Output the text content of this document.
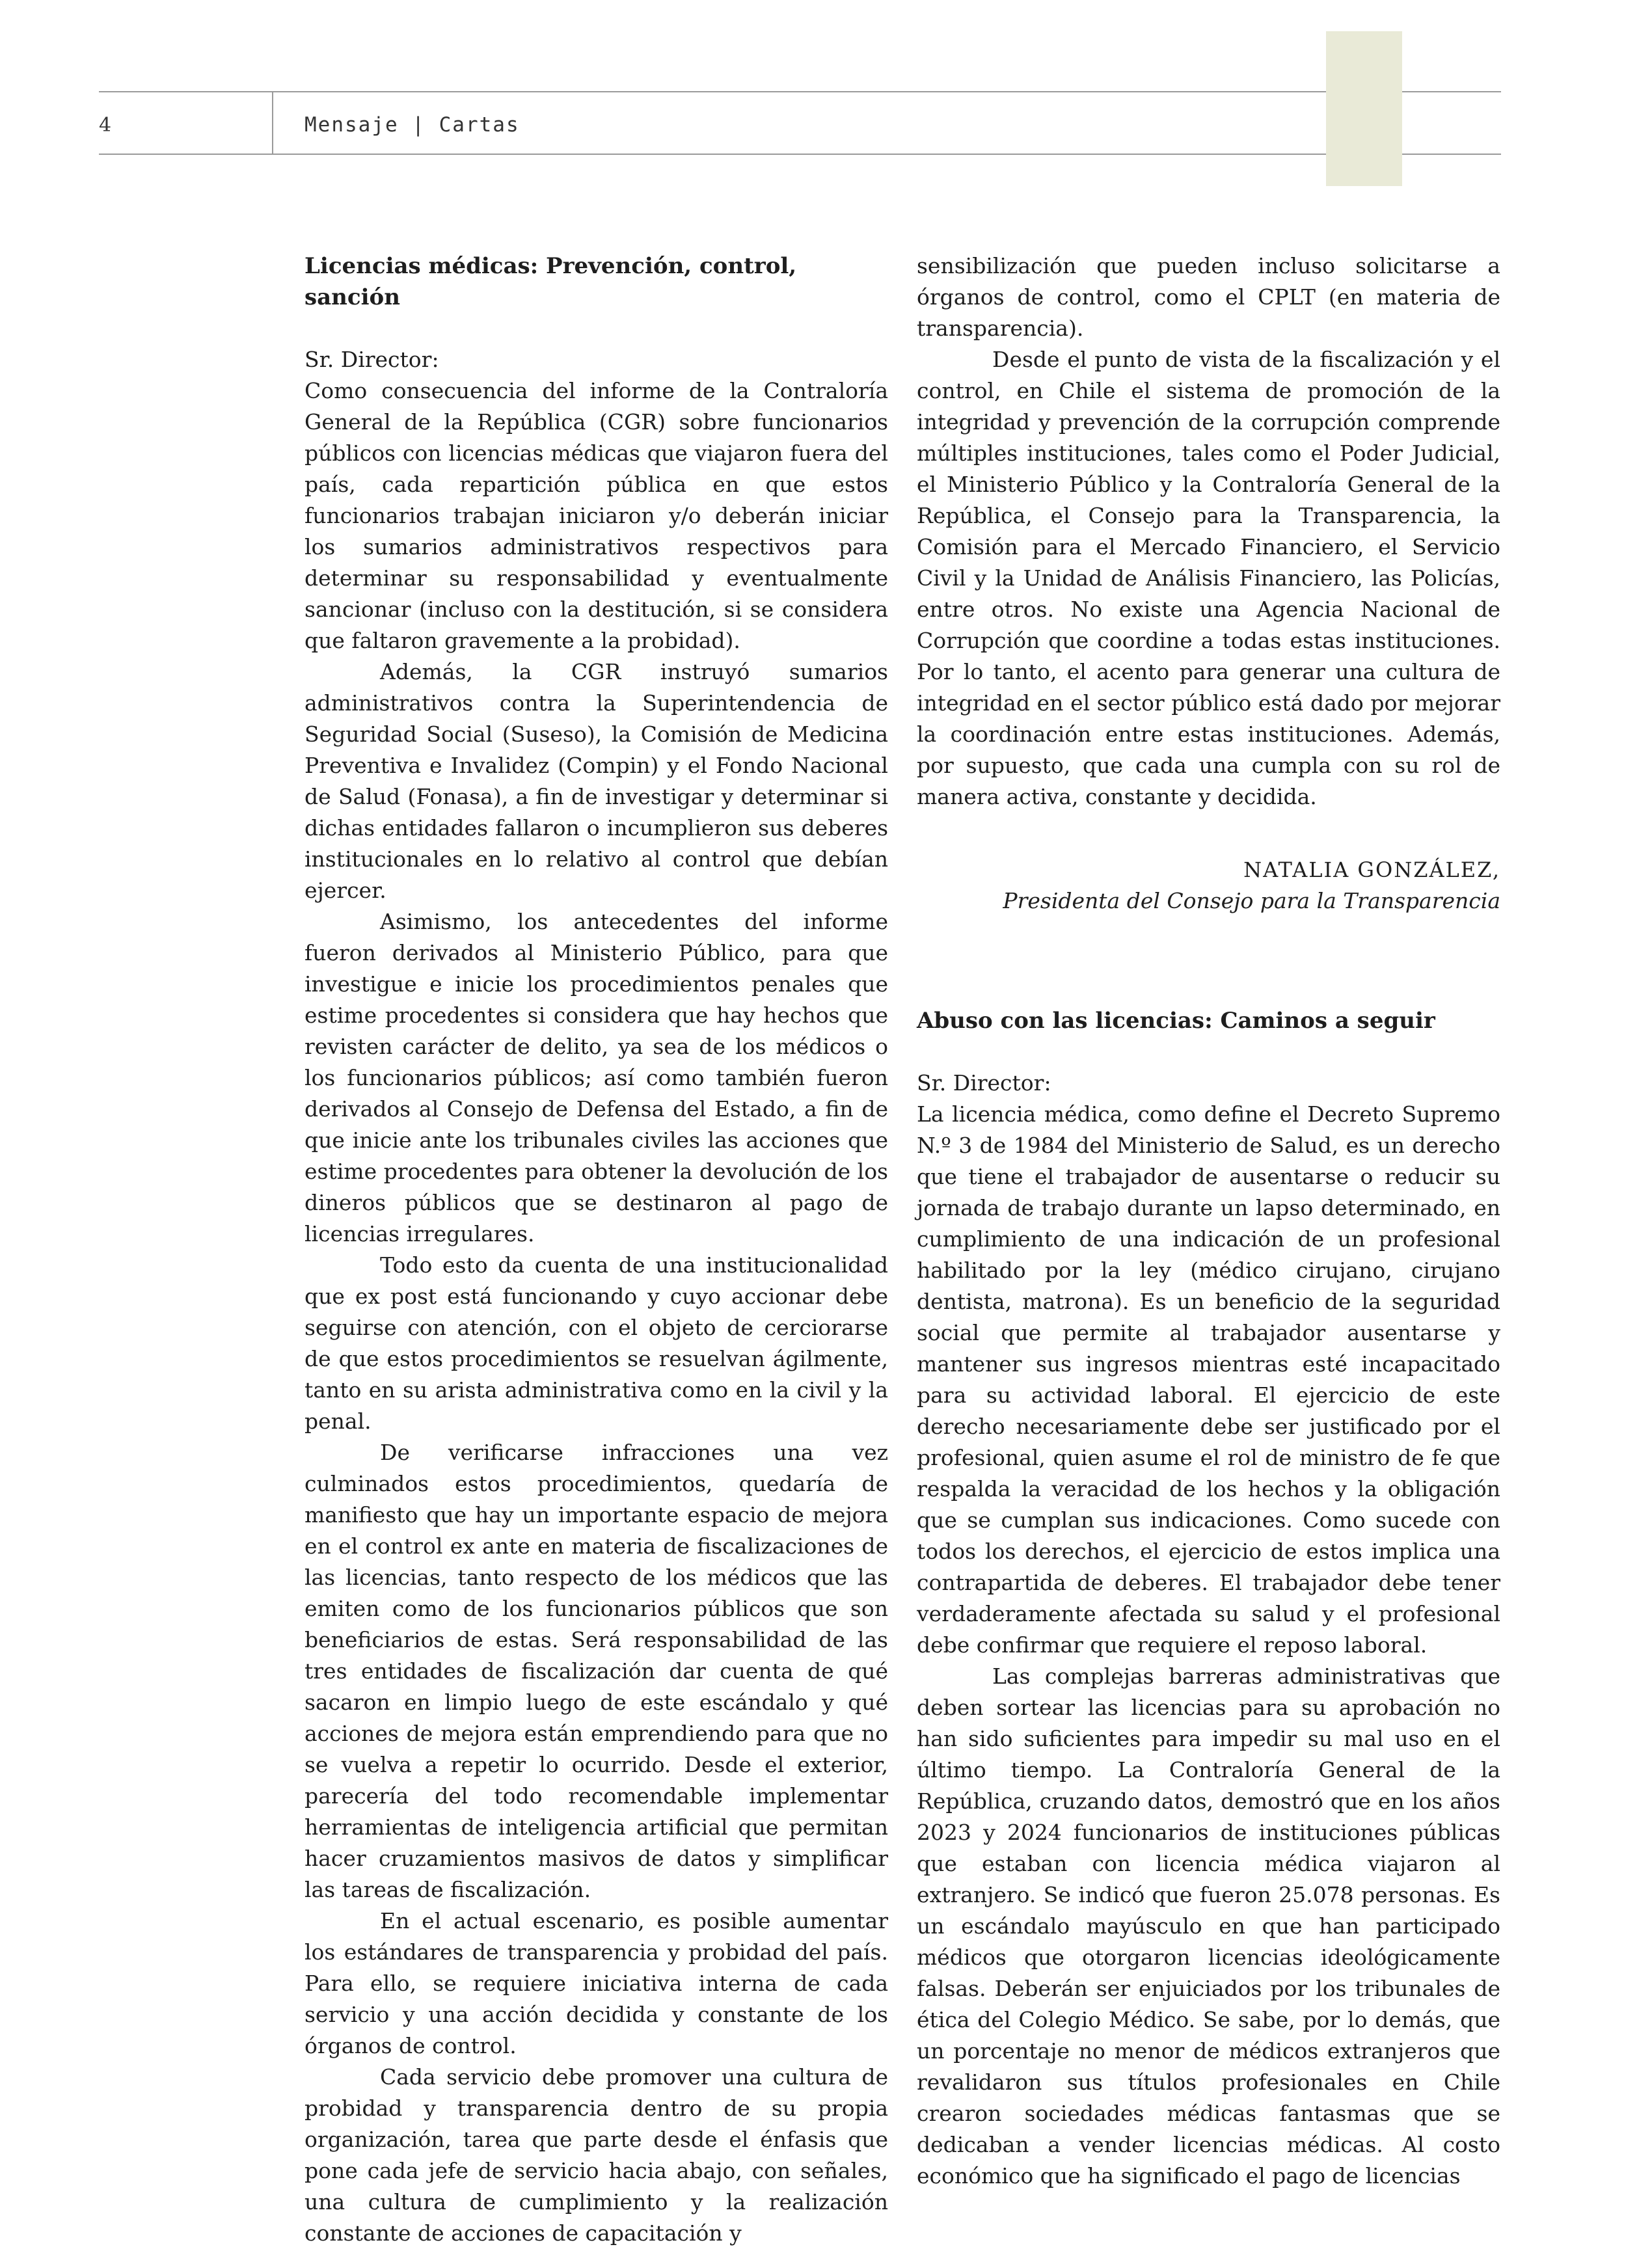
4	Mensaje | Cartas
Licencias médicas: Prevención, control, sanción

Sr. Director:

Como consecuencia del informe de la Contraloría General de la República (CGR) sobre funcionarios públicos con licencias médicas que viajaron fuera del país, cada repartición pública en que estos funcionarios trabajan iniciaron y/o deberán iniciar los sumarios administrativos respectivos para determinar su responsabilidad y eventualmente sancionar (incluso con la destitución, si se considera que faltaron gravemente a la probidad).

Además, la CGR instruyó sumarios administrativos contra la Superintendencia de Seguridad Social (Suseso), la Comisión de Medicina Preventiva e Invalidez (Compin) y el Fondo Nacional de Salud (Fonasa), a fin de investigar y determinar si dichas entidades fallaron o incumplieron sus deberes institucionales en lo relativo al control que debían ejercer.

Asimismo, los antecedentes del informe fueron derivados al Ministerio Público, para que investigue e inicie los procedimientos penales que estime procedentes si considera que hay hechos que revisten carácter de delito, ya sea de los médicos o los funcionarios públicos; así como también fueron derivados al Consejo de Defensa del Estado, a fin de que inicie ante los tribunales civiles las acciones que estime procedentes para obtener la devolución de los dineros públicos que se destinaron al pago de licencias irregulares.

Todo esto da cuenta de una institucionalidad que ex post está funcionando y cuyo accionar debe seguirse con atención, con el objeto de cerciorarse de que estos procedimientos se resuelvan ágilmente, tanto en su arista administrativa como en la civil y la penal.

De verificarse infracciones una vez culminados estos procedimientos, quedaría de manifiesto que hay un importante espacio de mejora en el control ex ante en materia de fiscalizaciones de las licencias, tanto respecto de los médicos que las emiten como de los funcionarios públicos que son beneficiarios de estas. Será responsabilidad de las tres entidades de fiscalización dar cuenta de qué sacaron en limpio luego de este escándalo y qué acciones de mejora están emprendiendo para que no se vuelva a repetir lo ocurrido. Desde el exterior, parecería del todo recomendable implementar herramientas de inteligencia artificial que permitan hacer cruzamientos masivos de datos y simplificar las tareas de fiscalización.

En el actual escenario, es posible aumentar los estándares de transparencia y probidad del país. Para ello, se requiere iniciativa interna de cada servicio y una acción decidida y constante de los órganos de control.

Cada servicio debe promover una cultura de probidad y transparencia dentro de su propia organización, tarea que parte desde el énfasis que pone cada jefe de servicio hacia abajo, con señales, una cultura de cumplimiento y la realización constante de acciones de capacitación y

sensibilización que pueden incluso solicitarse a órganos de control, como el CPLT (en materia de transparencia).

Desde el punto de vista de la fiscalización y el control, en Chile el sistema de promoción de la integridad y prevención de la corrupción comprende múltiples instituciones, tales como el Poder Judicial, el Ministerio Público y la Contraloría General de la República, el Consejo para la Transparencia, la Comisión para el Mercado Financiero, el Servicio Civil y la Unidad de Análisis Financiero, las Policías, entre otros. No existe una Agencia Nacional de Corrupción que coordine a todas estas instituciones. Por lo tanto, el acento para generar una cultura de integridad en el sector público está dado por mejorar la coordinación entre estas instituciones. Además, por supuesto, que cada una cumpla con su rol de manera activa, constante y decidida.

NATALIA GONZÁLEZ,
Presidenta del Consejo para la Transparencia
Abuso con las licencias: Caminos a seguir

Sr. Director:

La licencia médica, como define el Decreto Supremo N.º 3 de 1984 del Ministerio de Salud, es un derecho que tiene el trabajador de ausentarse o reducir su jornada de trabajo durante un lapso determinado, en cumplimiento de una indicación de un profesional habilitado por la ley (médico cirujano, cirujano dentista, matrona). Es un beneficio de la seguridad social que permite al trabajador ausentarse y mantener sus ingresos mientras esté incapacitado para su actividad laboral. El ejercicio de este derecho necesariamente debe ser justificado por el profesional, quien asume el rol de ministro de fe que respalda la veracidad de los hechos y la obligación que se cumplan sus indicaciones. Como sucede con todos los derechos, el ejercicio de estos implica una contrapartida de deberes. El trabajador debe tener verdaderamente afectada su salud y el profesional debe confirmar que requiere el reposo laboral.

Las complejas barreras administrativas que deben sortear las licencias para su aprobación no han sido suficientes para impedir su mal uso en el último tiempo. La Contraloría General de la República, cruzando datos, demostró que en los años 2023 y 2024 funcionarios de instituciones públicas que estaban con licencia médica viajaron al extranjero. Se indicó que fueron 25.078 personas. Es un escándalo mayúsculo en que han participado médicos que otorgaron licencias ideológicamente falsas. Deberán ser enjuiciados por los tribunales de ética del Colegio Médico. Se sabe, por lo demás, que un porcentaje no menor de médicos extranjeros que revalidaron sus títulos profesionales en Chile crearon sociedades médicas fantasmas que se dedicaban a vender licencias médicas. Al costo económico que ha significado el pago de licencias
